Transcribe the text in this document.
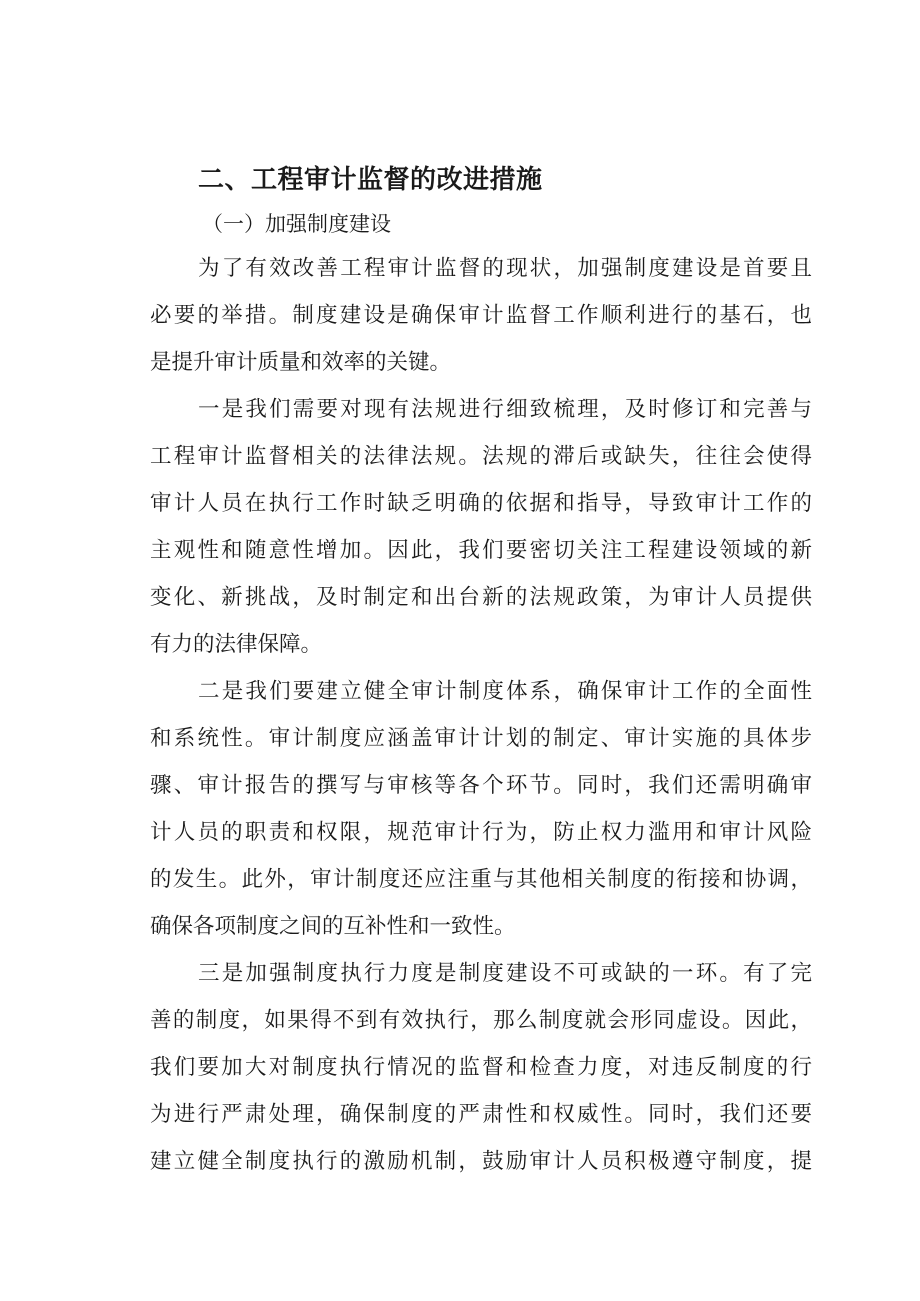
二、工程审计监督的改进措施
（一）加强制度建设
为了有效改善工程审计监督的现状，加强制度建设是首要且
必要的举措。制度建设是确保审计监督工作顺利进行的基石，也
是提升审计质量和效率的关键。
一是我们需要对现有法规进行细致梳理，及时修订和完善与
工程审计监督相关的法律法规。法规的滞后或缺失，往往会使得
审计人员在执行工作时缺乏明确的依据和指导，导致审计工作的
主观性和随意性增加。因此，我们要密切关注工程建设领域的新
变化、新挑战，及时制定和出台新的法规政策，为审计人员提供
有力的法律保障。
二是我们要建立健全审计制度体系，确保审计工作的全面性
和系统性。审计制度应涵盖审计计划的制定、审计实施的具体步
骤、审计报告的撰写与审核等各个环节。同时，我们还需明确审
计人员的职责和权限，规范审计行为，防止权力滥用和审计风险
的发生。此外，审计制度还应注重与其他相关制度的衔接和协调，
确保各项制度之间的互补性和一致性。
三是加强制度执行力度是制度建设不可或缺的一环。有了完
善的制度，如果得不到有效执行，那么制度就会形同虚设。因此，
我们要加大对制度执行情况的监督和检查力度，对违反制度的行
为进行严肃处理，确保制度的严肃性和权威性。同时，我们还要
建立健全制度执行的激励机制，鼓励审计人员积极遵守制度，提
